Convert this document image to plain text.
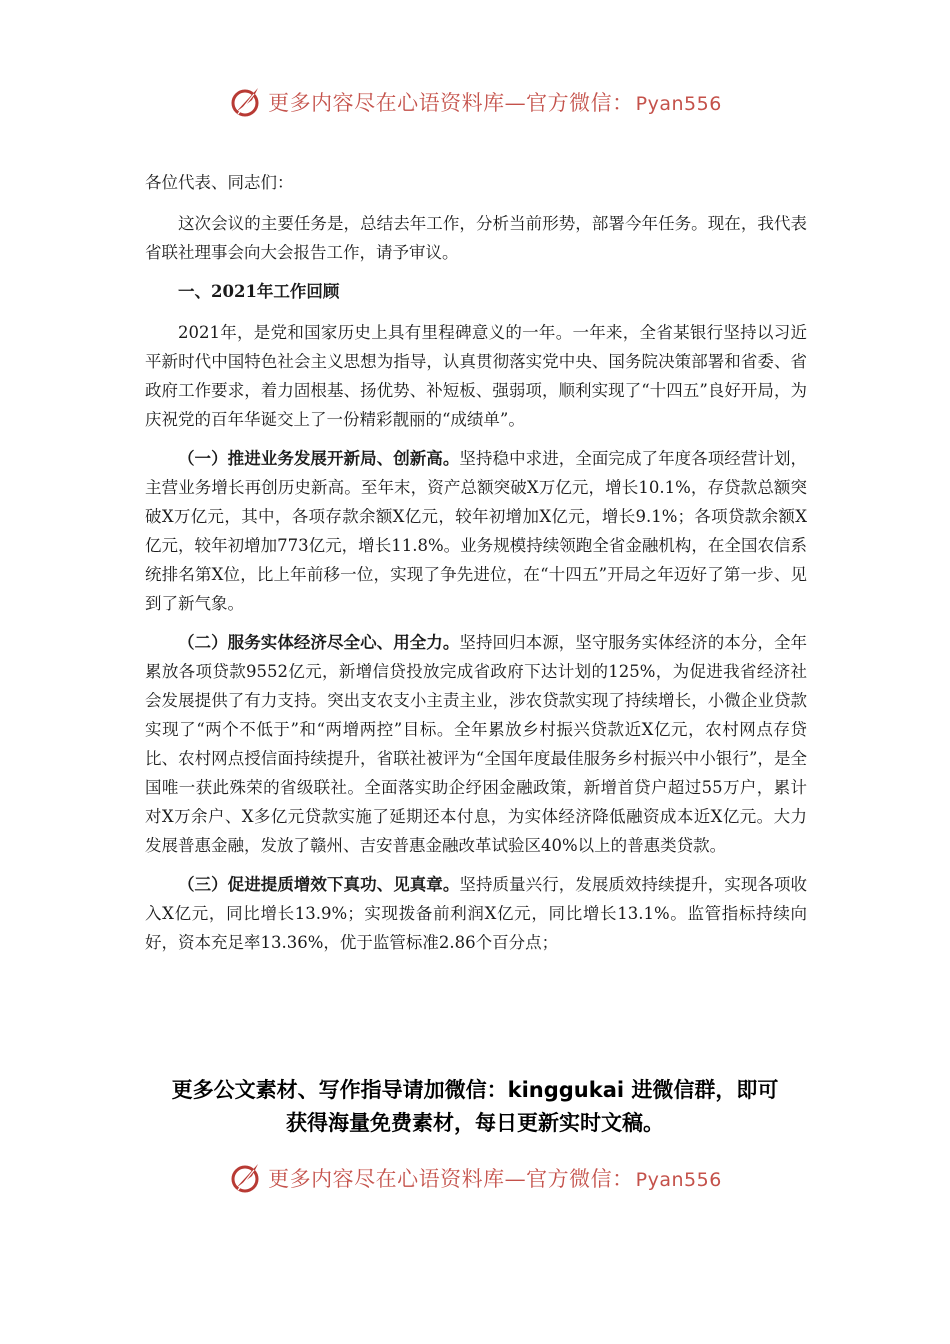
更多内容尽在心语资料库—官方微信： Pyan556

各位代表、同志们：

这次会议的主要任务是，总结去年工作，分析当前形势，部署今年任务。现在，我代表省联社理事会向大会报告工作，请予审议。

一、2021年工作回顾

2021年，是党和国家历史上具有里程碑意义的一年。一年来，全省某银行坚持以习近平新时代中国特色社会主义思想为指导，认真贯彻落实党中央、国务院决策部署和省委、省政府工作要求，着力固根基、扬优势、补短板、强弱项，顺利实现了“十四五”良好开局，为庆祝党的百年华诞交上了一份精彩靓丽的“成绩单”。

（一）推进业务发展开新局、创新高。坚持稳中求进，全面完成了年度各项经营计划，主营业务增长再创历史新高。至年末，资产总额突破X万亿元，增长10.1%，存贷款总额突破X万亿元，其中，各项存款余额X亿元，较年初增加X亿元，增长9.1%；各项贷款余额X亿元，较年初增加773亿元，增长11.8%。业务规模持续领跑全省金融机构，在全国农信系统排名第X位，比上年前移一位，实现了争先进位，在“十四五”开局之年迈好了第一步、见到了新气象。

（二）服务实体经济尽全心、用全力。坚持回归本源，坚守服务实体经济的本分，全年累放各项贷款9552亿元，新增信贷投放完成省政府下达计划的125%，为促进我省经济社会发展提供了有力支持。突出支农支小主责主业，涉农贷款实现了持续增长，小微企业贷款实现了“两个不低于”和“两增两控”目标。全年累放乡村振兴贷款近X亿元，农村网点存贷比、农村网点授信面持续提升，省联社被评为“全国年度最佳服务乡村振兴中小银行”，是全国唯一获此殊荣的省级联社。全面落实助企纾困金融政策，新增首贷户超过55万户，累计对X万余户、X多亿元贷款实施了延期还本付息，为实体经济降低融资成本近X亿元。大力发展普惠金融，发放了赣州、吉安普惠金融改革试验区40%以上的普惠类贷款。

（三）促进提质增效下真功、见真章。坚持质量兴行，发展质效持续提升，实现各项收入X亿元，同比增长13.9%；实现拨备前利润X亿元，同比增长13.1%。监管指标持续向好，资本充足率13.36%，优于监管标准2.86个百分点；

更多公文素材、写作指导请加微信：kinggukai 进微信群，即可
获得海量免费素材，每日更新实时文稿。
更多内容尽在心语资料库—官方微信： Pyan556
